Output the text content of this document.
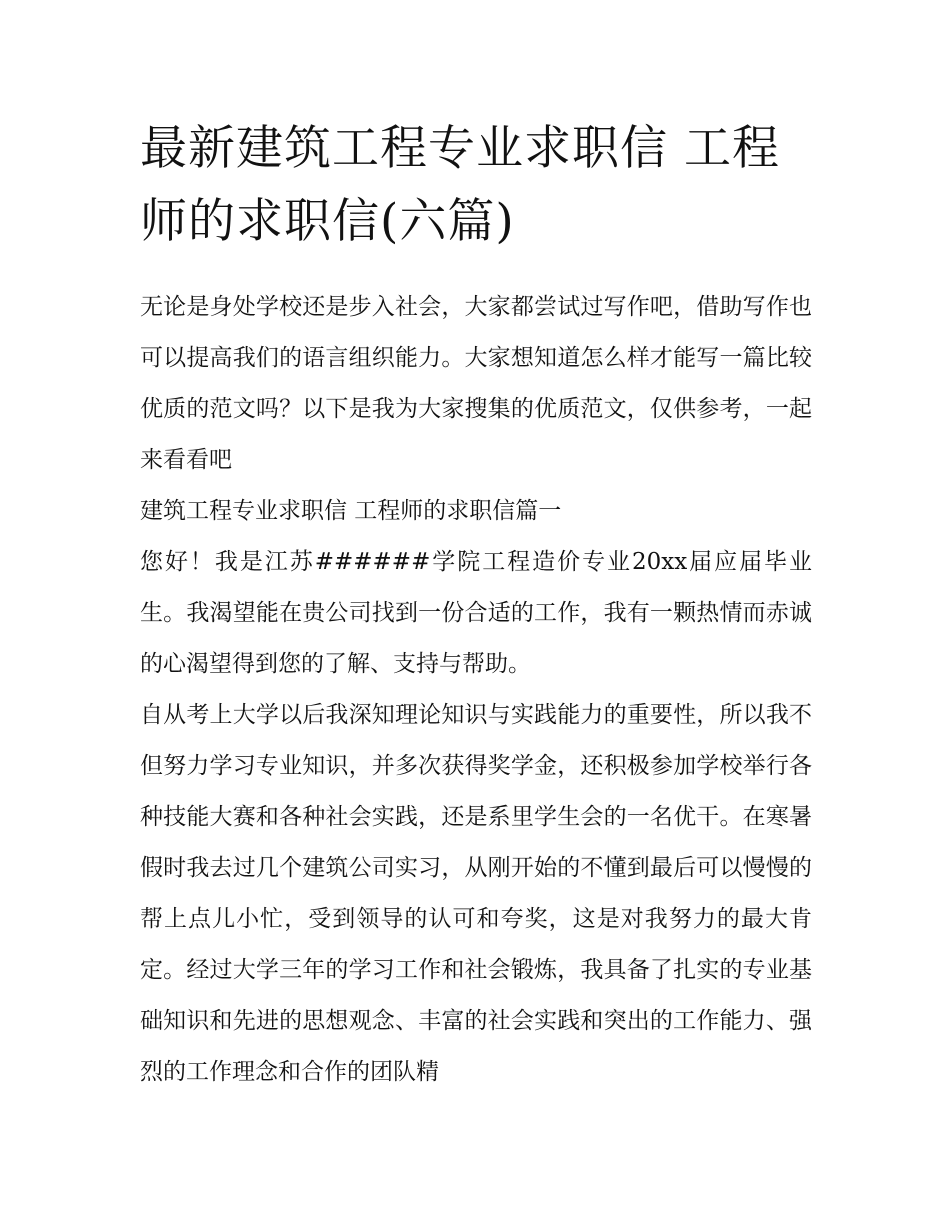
最新建筑工程专业求职信 工程师的求职信(六篇)

无论是身处学校还是步入社会，大家都尝试过写作吧，借助写作也可以提高我们的语言组织能力。大家想知道怎么样才能写一篇比较优质的范文吗？以下是我为大家搜集的优质范文，仅供参考，一起来看看吧

建筑工程专业求职信 工程师的求职信篇一

您好！我是江苏######学院工程造价专业20xx届应届毕业生。我渴望能在贵公司找到一份合适的工作，我有一颗热情而赤诚的心渴望得到您的了解、支持与帮助。

自从考上大学以后我深知理论知识与实践能力的重要性，所以我不但努力学习专业知识，并多次获得奖学金，还积极参加学校举行各种技能大赛和各种社会实践，还是系里学生会的一名优干。在寒暑假时我去过几个建筑公司实习，从刚开始的不懂到最后可以慢慢的帮上点儿小忙，受到领导的认可和夸奖，这是对我努力的最大肯定。经过大学三年的学习工作和社会锻炼，我具备了扎实的专业基础知识和先进的思想观念、丰富的社会实践和突出的工作能力、强烈的工作理念和合作的团队精
